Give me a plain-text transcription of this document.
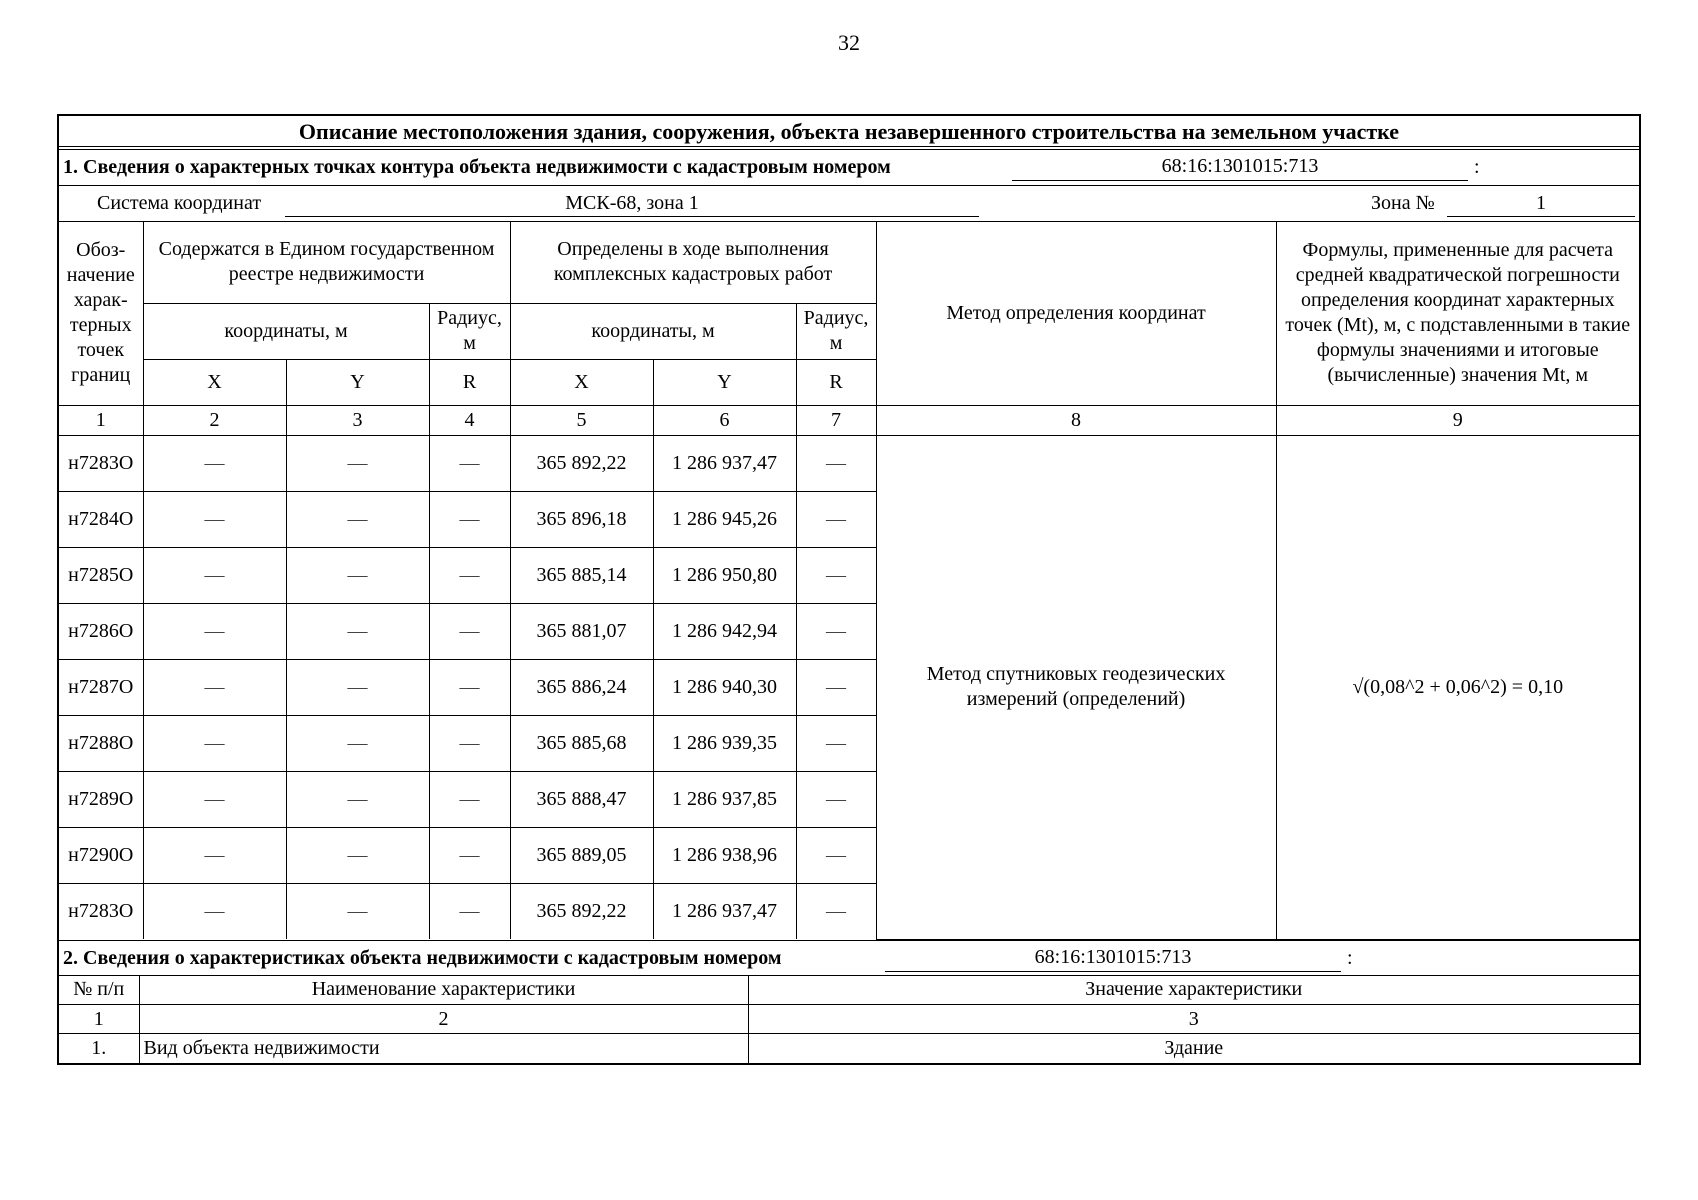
32
Описание местоположения здания, сооружения, объекта незавершенного строительства на земельном участке
1. Сведения о характерных точках контура объекта недвижимости с кадастровым номером	68:16:1301015:713	:
Система координат	МСК-68, зона 1	Зона №	1
Обоз-начение харак-терных точек границ	Содержатся в Едином государственном реестре недвижимости			Определены в ходе выполнения комплексных кадастровых работ			Метод определения координат	Формулы, примененные для расчета средней квадратической погрешности определения координат характерных точек (Mt), м, с подставленными в такие формулы значениями и итоговые (вычисленные) значения Mt, м
	координаты, м		Радиус, м	координаты, м		Радиус, м		
	X	Y	R	X	Y	R		
1	2	3	4	5	6	7	8	9
н7283О	—	—	—	365 892,22	1 286 937,47	—	Метод спутниковых геодезических измерений (определений)	√(0,08^2 + 0,06^2) = 0,10
н7284О	—	—	—	365 896,18	1 286 945,26	—		
н7285О	—	—	—	365 885,14	1 286 950,80	—		
н7286О	—	—	—	365 881,07	1 286 942,94	—		
н7287О	—	—	—	365 886,24	1 286 940,30	—		
н7288О	—	—	—	365 885,68	1 286 939,35	—		
н7289О	—	—	—	365 888,47	1 286 937,85	—		
н7290О	—	—	—	365 889,05	1 286 938,96	—		
н7283О	—	—	—	365 892,22	1 286 937,47	—		
2. Сведения о характеристиках объекта недвижимости с кадастровым номером	68:16:1301015:713	:
№ п/п	Наименование характеристики	Значение характеристики
1	2	3
1.	Вид объекта недвижимости	Здание
